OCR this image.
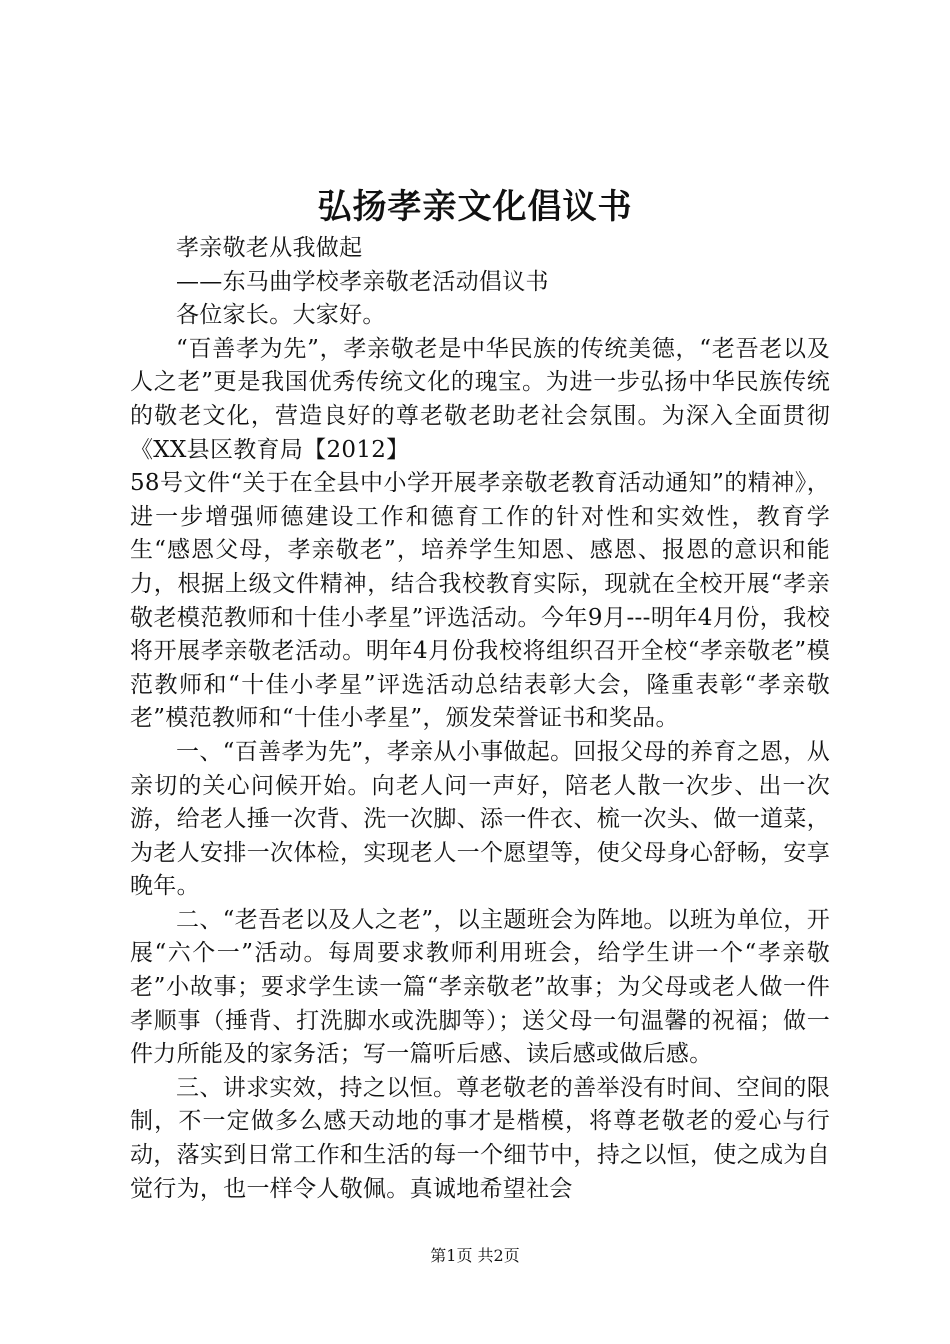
弘扬孝亲文化倡议书

孝亲敬老从我做起

——东马曲学校孝亲敬老活动倡议书

各位家长。大家好。

“百善孝为先”，孝亲敬老是中华民族的传统美德，“老吾老以及人之老”更是我国优秀传统文化的瑰宝。为进一步弘扬中华民族传统的敬老文化，营造良好的尊老敬老助老社会氛围。为深入全面贯彻《XX县区教育局【2012】

58号文件“关于在全县中小学开展孝亲敬老教育活动通知”的精神》，进一步增强师德建设工作和德育工作的针对性和实效性，教育学生“感恩父母，孝亲敬老”，培养学生知恩、感恩、报恩的意识和能力，根据上级文件精神，结合我校教育实际，现就在全校开展“孝亲敬老模范教师和十佳小孝星”评选活动。今年9月---明年4月份，我校将开展孝亲敬老活动。明年4月份我校将组织召开全校“孝亲敬老”模范教师和“十佳小孝星”评选活动总结表彰大会，隆重表彰“孝亲敬老”模范教师和“十佳小孝星”，颁发荣誉证书和奖品。

一、“百善孝为先”，孝亲从小事做起。回报父母的养育之恩，从亲切的关心问候开始。向老人问一声好，陪老人散一次步、出一次游，给老人捶一次背、洗一次脚、添一件衣、梳一次头、做一道菜，为老人安排一次体检，实现老人一个愿望等，使父母身心舒畅，安享晚年。

二、“老吾老以及人之老”，以主题班会为阵地。以班为单位，开展“六个一”活动。每周要求教师利用班会，给学生讲一个“孝亲敬老”小故事；要求学生读一篇“孝亲敬老”故事；为父母或老人做一件孝顺事（捶背、打洗脚水或洗脚等）；送父母一句温馨的祝福；做一件力所能及的家务活；写一篇听后感、读后感或做后感。

三、讲求实效，持之以恒。尊老敬老的善举没有时间、空间的限制，不一定做多么感天动地的事才是楷模，将尊老敬老的爱心与行动，落实到日常工作和生活的每一个细节中，持之以恒，使之成为自觉行为，也一样令人敬佩。真诚地希望社会

第1页 共2页
